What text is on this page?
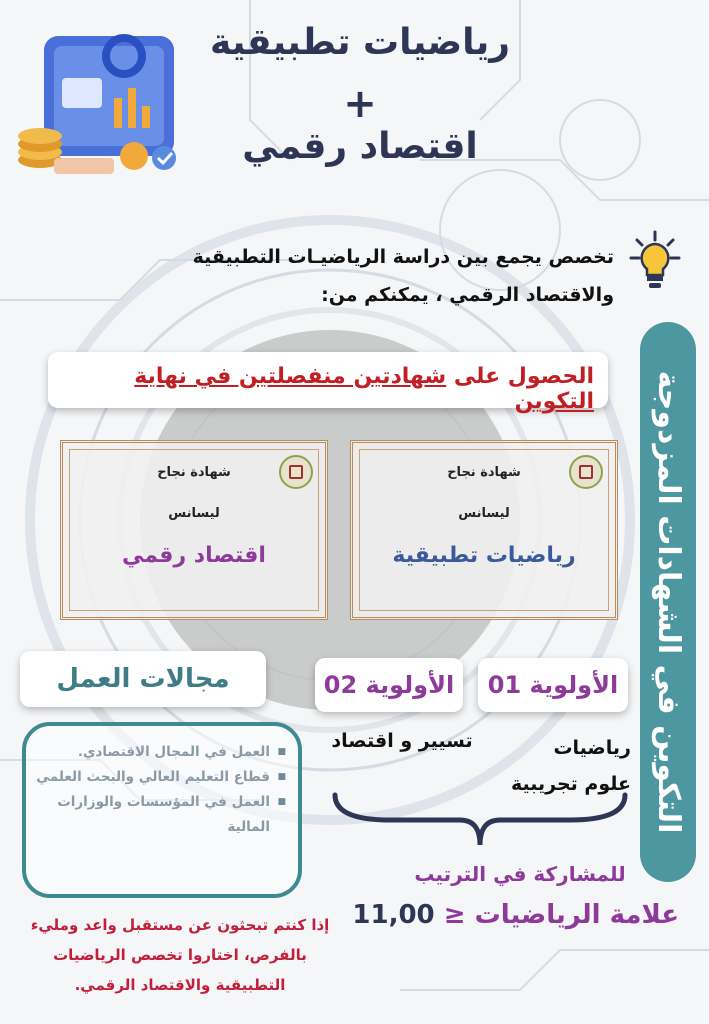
رياضيات تطبيقية
+
اقتصاد رقمي
تخصص يجمع بين دراسة الرياضيـات التطبيقية
والاقتصاد الرقمي ، يمكنكم من:
الحصول على شهادتين منفصلتين في نهاية التكوين
شهادة نجاح
ليسانس
رياضيات تطبيقية
شهادة نجاح
ليسانس
اقتصاد رقمي
الأولوية 01
الأولوية 02
رياضيات
علوم تجريبية
تسيير و اقتصاد
للمشاركة في الترتيب
علامة الرياضيات ≤ 11,00
مجالات العمل
■ العمل في المجال الاقتصادي.
■ قطاع التعليم العالي والبحث العلمي
■ العمل في المؤسسات والوزارات المالية
إذا كنتم تبحثون عن مستقبل واعد ومليء بالفرص، اختاروا تخصص الرياضيات التطبيقية والاقتصاد الرقمي.
التكوين في الشهادات المزدوجة
